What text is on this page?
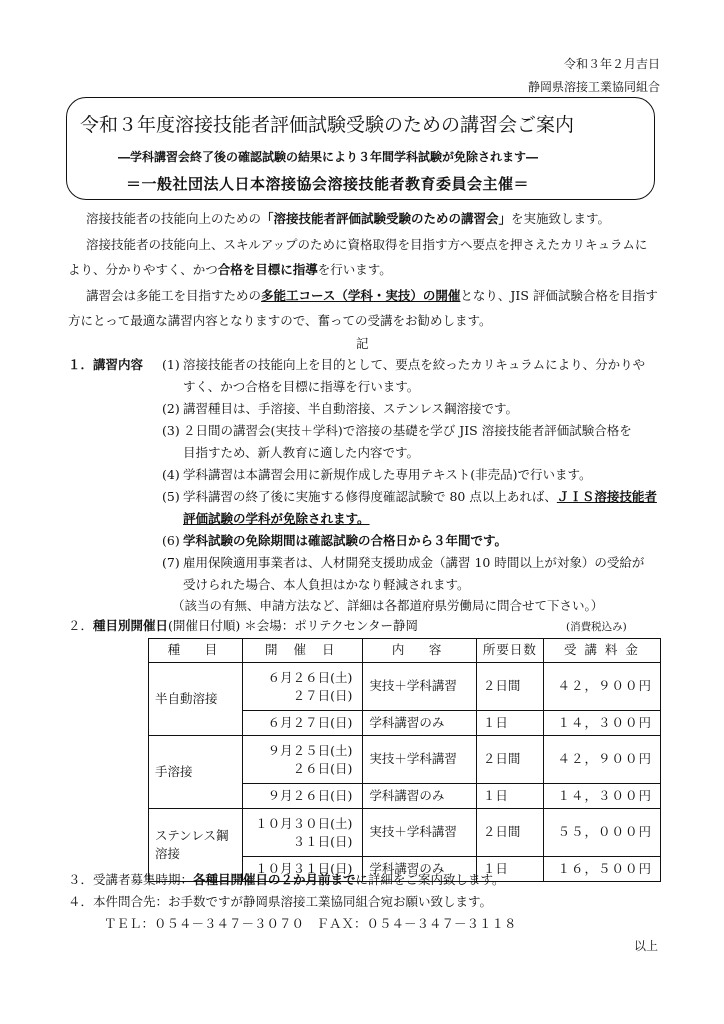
令和３年２月吉日
静岡県溶接工業協同組合
令和３年度溶接技能者評価試験受験のための講習会ご案内
―学科講習会終了後の確認試験の結果により３年間学科試験が免除されます―
＝一般社団法人日本溶接協会溶接技能者教育委員会主催＝
溶接技能者の技能向上のための「溶接技能者評価試験受験のための講習会」を実施致します。
溶接技能者の技能向上、スキルアップのために資格取得を目指す方へ要点を押さえたカリキュラムに
より、分かりやすく、かつ合格を目標に指導を行います。
講習会は多能工を目指すための多能工コース（学科・実技）の開催となり、JIS 評価試験合格を目指す
方にとって最適な講習内容となりますので、奮っての受講をお勧めします。
記
１．講習内容 (1) 溶接技能者の技能向上を目的として、要点を絞ったカリキュラムにより、分かりや
すく、かつ合格を目標に指導を行います。
(2) 講習種目は、手溶接、半自動溶接、ステンレス鋼溶接です。
(3) ２日間の講習会(実技＋学科)で溶接の基礎を学び JIS 溶接技能者評価試験合格を
目指すため、新人教育に適した内容です。
(4) 学科講習は本講習会用に新規作成した専用テキスト(非売品)で行います。
(5) 学科講習の終了後に実施する修得度確認試験で 80 点以上あれば、ＪＩＳ溶接技能者
評価試験の学科が免除されます。
(6) 学科試験の免除期間は確認試験の合格日から３年間です。
(7) 雇用保険適用事業者は、人材開発支援助成金（講習 10 時間以上が対象）の受給が
受けられた場合、本人負担はかなり軽減されます。
（該当の有無、申請方法など、詳細は各都道府県労働局に問合せて下さい。）
２．種目別開催日(開催日付順) ＊会場：ポリテクセンター静岡	(消費税込み)
種　目	開 催 日	内　容	所要日数	受 講 料 金
半自動溶接	６月２６日(土)
２７日(日)	実技＋学科講習	２日間	４２，９００円
	６月２７日(日)	学科講習のみ	１日	１４，３００円
手溶接	９月２５日(土)
２６日(日)	実技＋学科講習	２日間	４２，９００円
	９月２６日(日)	学科講習のみ	１日	１４，３００円

ステンレス鋼
溶接	１０月３０日(土)
３１日(日)	実技＋学科講習	２日間	５５，０００円
	１０月３１日(日)	学科講習のみ	１日	１６，５００円
３．受講者募集時期：各種目開催日の２か月前までに詳細をご案内致します。
４．本件問合先：お手数ですが静岡県溶接工業協同組合宛お願い致します。
ＴＥＬ：０５４－３４７－３０７０　ＦＡＸ：０５４－３４７－３１１８
以上
